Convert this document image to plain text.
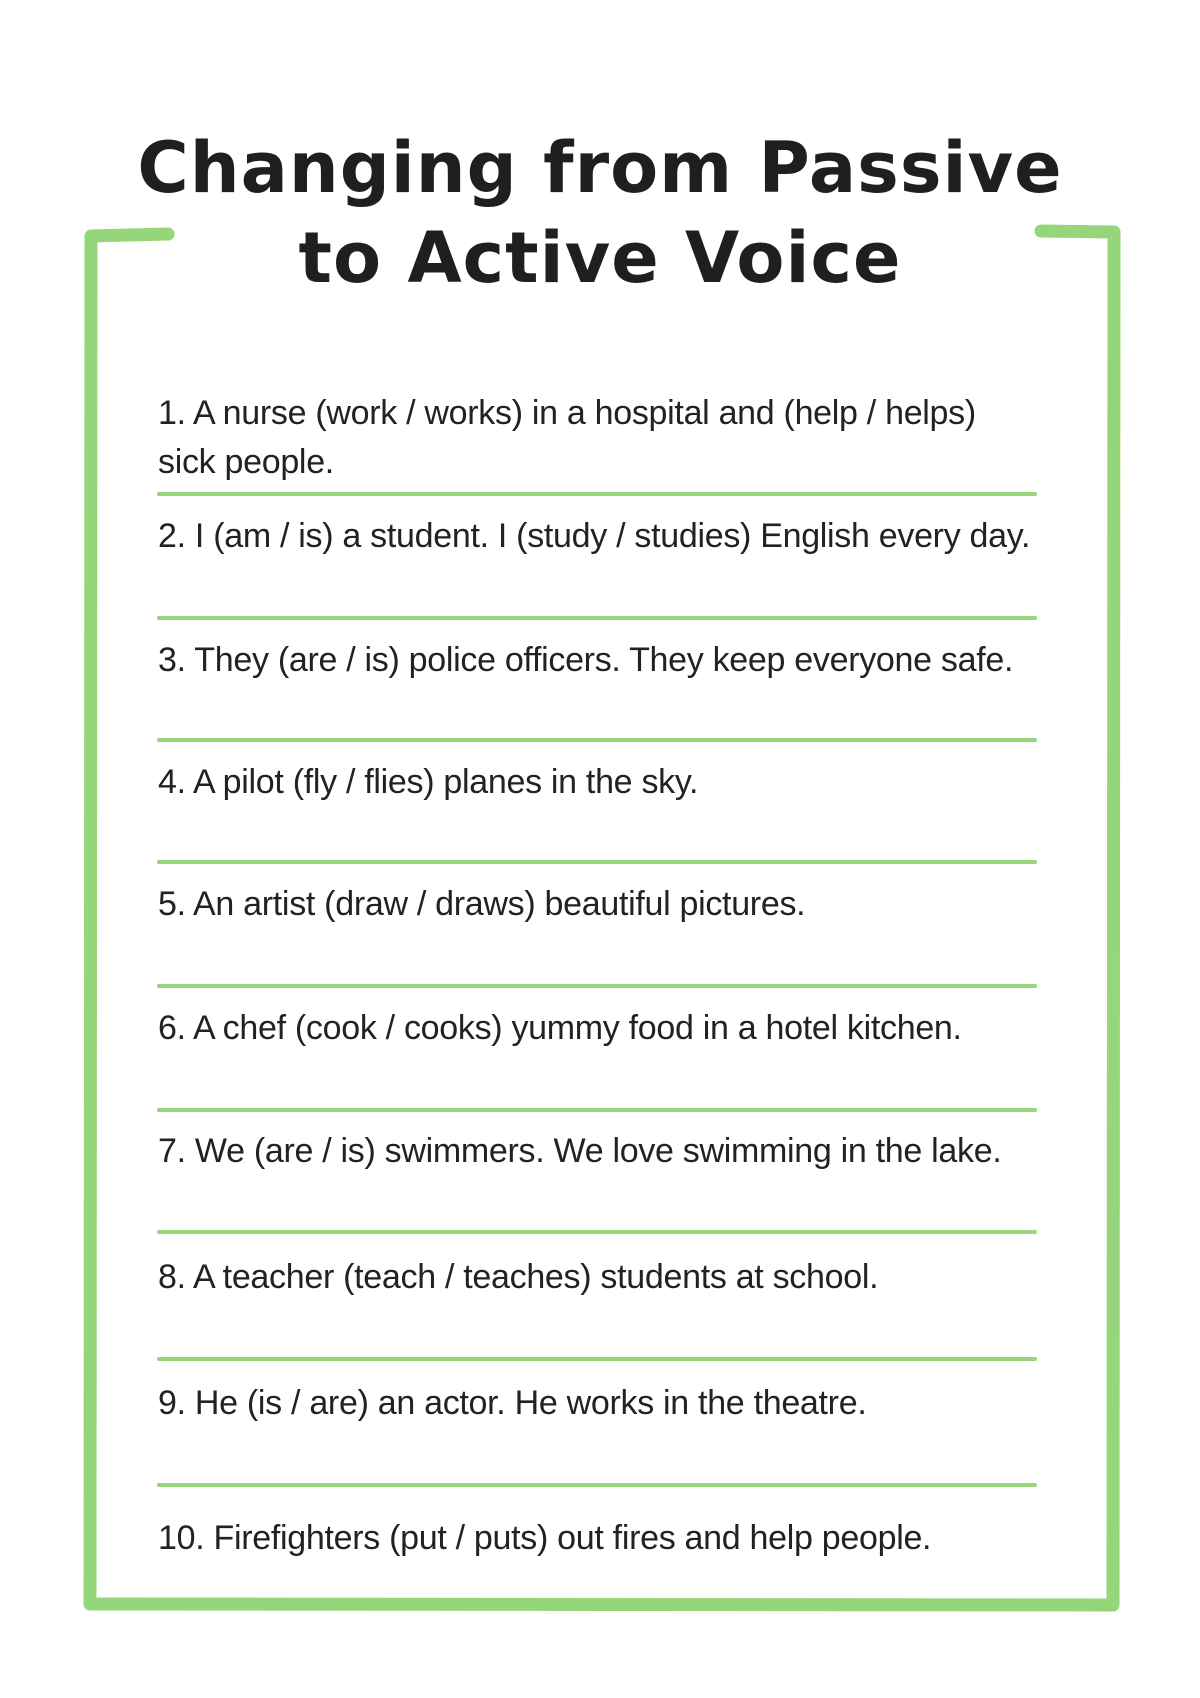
Changing from Passive
to Active Voice
1. A nurse (work / works) in a hospital and (help / helps) sick people.
2. I (am / is) a student. I (study / studies) English every day.
3. They (are / is) police officers. They keep everyone safe.
4. A pilot (fly / flies) planes in the sky.
5. An artist (draw / draws) beautiful pictures.
6. A chef (cook / cooks) yummy food in a hotel kitchen.
7. We (are / is) swimmers. We love swimming in the lake.
8. A teacher (teach / teaches) students at school.
9. He (is / are) an actor. He works in the theatre.
10. Firefighters (put / puts) out fires and help people.
